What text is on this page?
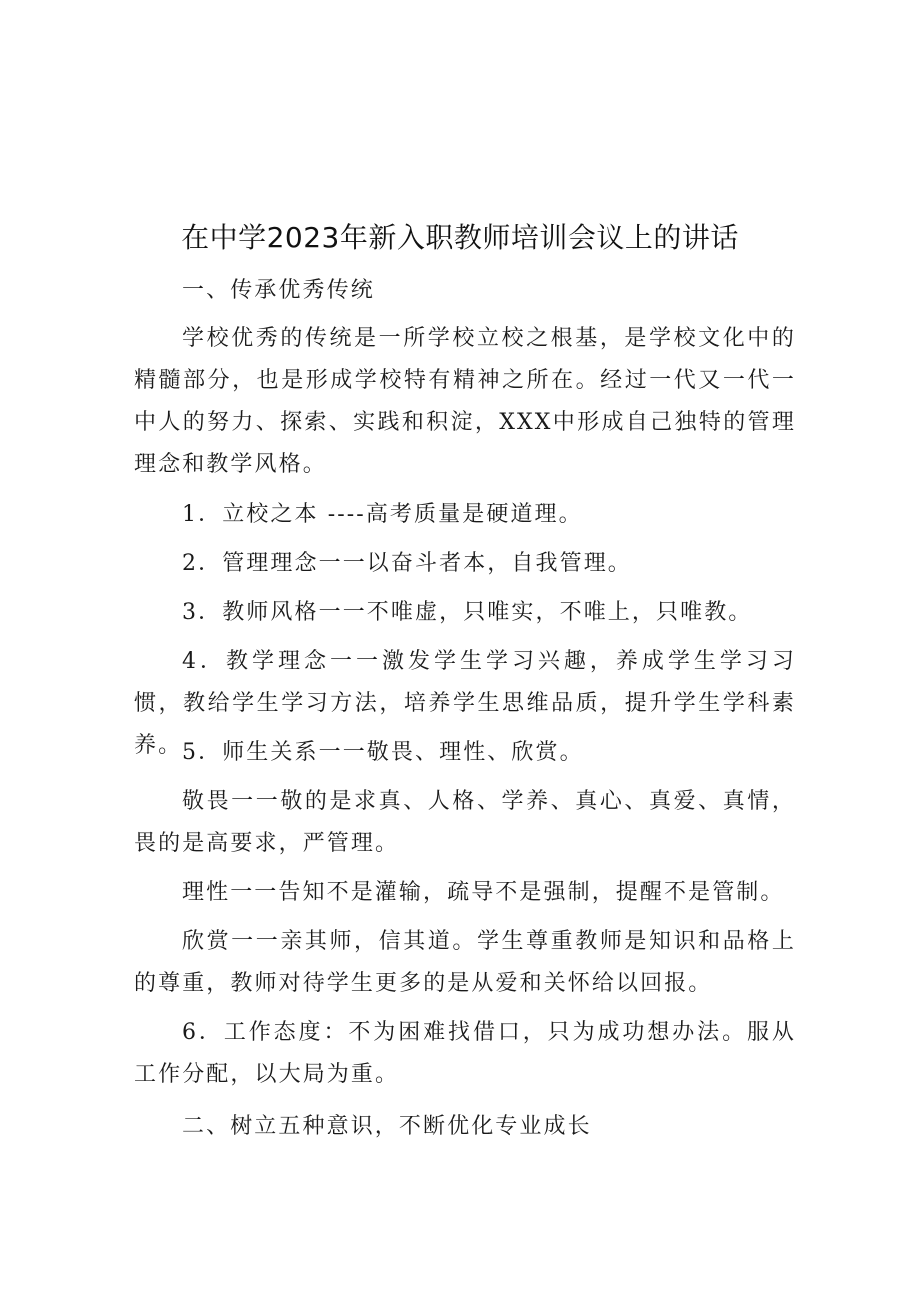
在中学2023年新入职教师培训会议上的讲话

一、传承优秀传统

学校优秀的传统是一所学校立校之根基，是学校文化中的精髓部分，也是形成学校特有精神之所在。经过一代又一代一中人的努力、探索、实践和积淀，XXX中形成自己独特的管理理念和教学风格。

1．立校之本 ----高考质量是硬道理。

2．管理理念一一以奋斗者本，自我管理。

3．教师风格一一不唯虚，只唯实，不唯上，只唯教。

4．教学理念一一激发学生学习兴趣，养成学生学习习惯，教给学生学习方法，培养学生思维品质，提升学生学科素养。 5．师生关系一一敬畏、理性、欣赏。

敬畏一一敬的是求真、人格、学养、真心、真爱、真情，畏的是高要求，严管理。

理性一一告知不是灌输，疏导不是强制，提醒不是管制。

欣赏一一亲其师，信其道。学生尊重教师是知识和品格上的尊重，教师对待学生更多的是从爱和关怀给以回报。

6．工作态度：不为困难找借口，只为成功想办法。服从工作分配，以大局为重。

二、树立五种意识，不断优化专业成长
